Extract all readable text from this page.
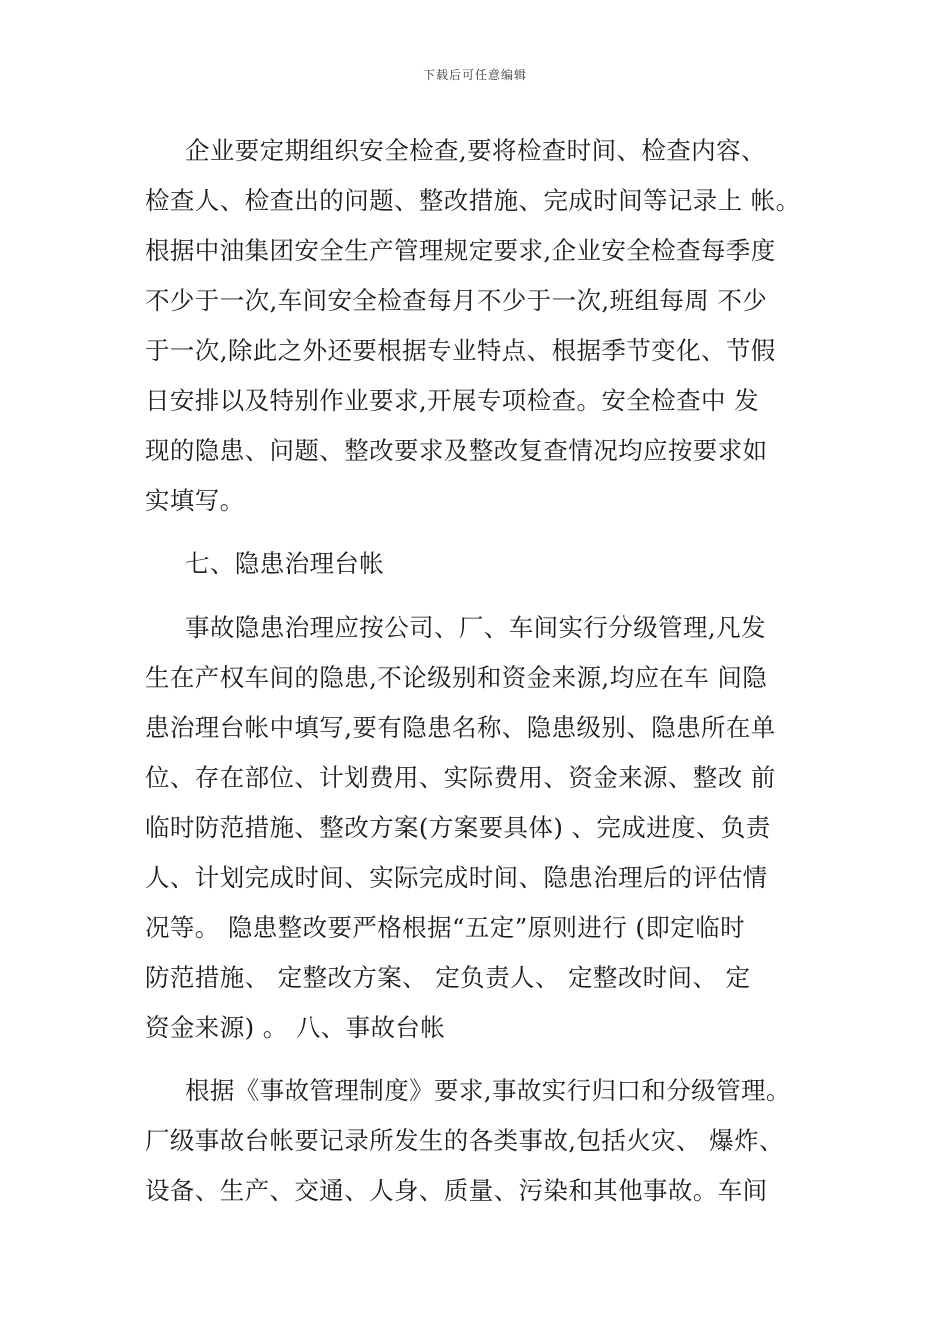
下载后可任意编辑
企业要定期组织安全检查,要将检查时间、检查内容、
检查人、检查出的问题、整改措施、完成时间等记录上 帐。
根据中油集团安全生产管理规定要求,企业安全检查每季度
不少于一次,车间安全检查每月不少于一次,班组每周 不少
于一次,除此之外还要根据专业特点、根据季节变化、节假
日安排以及特别作业要求,开展专项检查。安全检查中 发
现的隐患、问题、整改要求及整改复查情况均应按要求如
实填写。
七、隐患治理台帐
事故隐患治理应按公司、厂、车间实行分级管理,凡发
生在产权车间的隐患,不论级别和资金来源,均应在车 间隐
患治理台帐中填写,要有隐患名称、隐患级别、隐患所在单
位、存在部位、计划费用、实际费用、资金来源、整改 前
临时防范措施、整改方案(方案要具体) 、完成进度、负责
人、计划完成时间、实际完成时间、隐患治理后的评估情
况等。 隐患整改要严格根据“五定”原则进行 (即定临时
防范措施、 定整改方案、 定负责人、 定整改时间、 定
资金来源) 。 八、事故台帐
根据《事故管理制度》要求,事故实行归口和分级管理。
厂级事故台帐要记录所发生的各类事故,包括火灾、 爆炸、
设备、生产、交通、人身、质量、污染和其他事故。车间
